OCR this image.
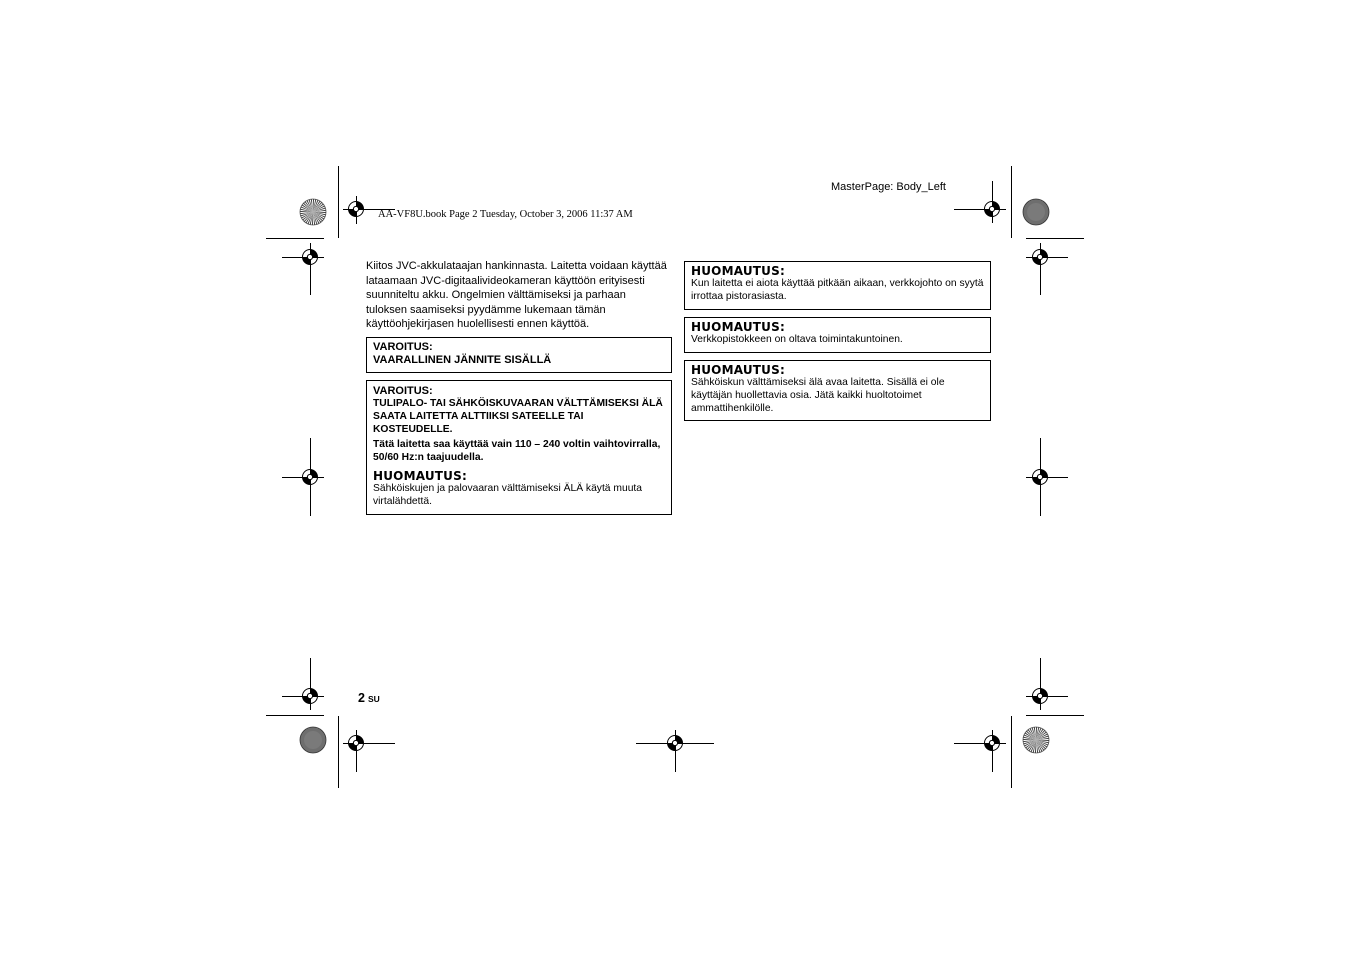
MasterPage: Body_Left
AA-VF8U.book Page 2 Tuesday, October 3, 2006 11:37 AM
Kiitos JVC-akkulataajan hankinnasta. Laitetta voidaan käyttää lataamaan JVC-digitaalivideokameran käyttöön erityisesti suunniteltu akku. Ongelmien välttämiseksi ja parhaan tuloksen saamiseksi pyydämme lukemaan tämän käyttöohjekirjasen huolellisesti ennen käyttöä.
VAROITUS:
VAARALLINEN JÄNNITE SISÄLLÄ
VAROITUS:
TULIPALO- TAI SÄHKÖISKUVAARAN VÄLTTÄMISEKSI ÄLÄ SAATA LAITETTA ALTTIIKSI SATEELLE TAI KOSTEUDELLE.
Tätä laitetta saa käyttää vain 110 – 240 voltin vaihtovirralla, 50/60 Hz:n taajuudella.
HUOMAUTUS:
Sähköiskujen ja palovaaran välttämiseksi ÄLÄ käytä muuta virtalähdettä.
HUOMAUTUS:
Kun laitetta ei aiota käyttää pitkään aikaan, verkkojohto on syytä irrottaa pistorasiasta.
HUOMAUTUS:
Verkkopistokkeen on oltava toimintakuntoinen.
HUOMAUTUS:
Sähköiskun välttämiseksi älä avaa laitetta. Sisällä ei ole käyttäjän huollettavia osia. Jätä kaikki huoltotoimet ammattihenkilölle.
2 SU
